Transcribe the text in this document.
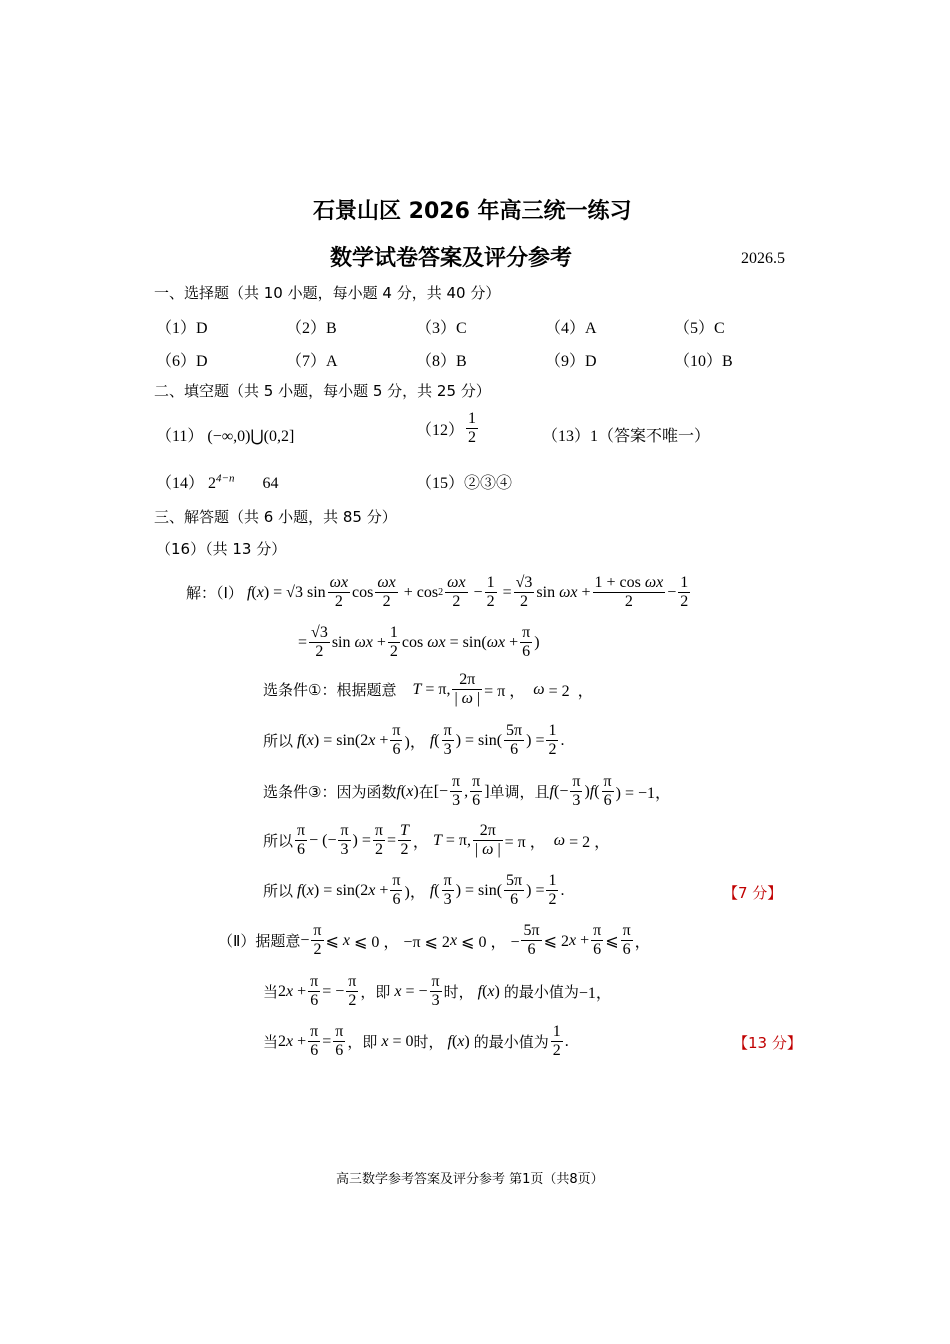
石景山区 2026 年高三统一练习
数学试卷答案及评分参考	2026.5
一、选择题（共 10 小题，每小题 4 分，共 40 分）
（1）D	（2）B	（3）C	（4）A	（5）C
（6）D	（7）A	（8）B	（9）D	（10）B
二、填空题（共 5 小题，每小题 5 分，共 25 分）
（11） (−∞,0)⋃(0,2]	$(12) \frac{1}{2}$	（13）1（答案不唯一）
（14） $2^{4-n}$ 64	（15）②③④
三、解答题（共 6 小题，共 85 分）
（16）（共 13 分）
解：（Ⅰ）
f ( x ) = √3 $\sin \frac{\omega x}{2}$ $\cos \frac{\omega x}{2} + \cos 2 \frac{\omega x}{2} - \frac{1}{2} = \frac{√3}{2}$ $\sin \omega x + \frac{\text{1 + cos ωx}}{2} - \frac{1}{2}$
= $\frac{√3}{2}$ $\sin \omega x + \frac{1}{2}$ cos ωx = sin( $\omega x + \frac{\pi}{6}$ )
选条件①：根据题意
T = π, $\frac{2\pi}{| \omega |} = \pi$ ， ω = 2  ，
所以
f ( x ) = sin(2 $x + \frac{\pi}{6}$ )， f ( $\frac{\pi}{3}$ ) = $\sin( \frac{5\pi}{6}$ ) = $\frac{1}{2}$ .
选条件③：因为函数 f ( x ) 在 [− $\frac{\pi}{3}$ , $\frac{\pi}{6}$ ] 单调，且 f (− $\frac{\pi}{3}$ ) f ( $\frac{\pi}{6}$ ) = −1，
所以 $\frac{\pi}{6}$ − (− $\frac{\pi}{3}$ ) = $\frac{\pi}{2} = \frac{T}{2}$ ， T = π, $\frac{2\pi}{| \omega |} = \pi$ ， ω = 2 ，
所以
f ( x ) = sin(2 $x + \frac{\pi}{6}$ )， f ( $\frac{\pi}{3}$ ) = $\sin( \frac{5\pi}{6}$ ) = $\frac{1}{2}$ .	【7 分】
（Ⅱ）据题意 − $\frac{\pi}{2}$ ⩽ x ⩽ 0 ， −π ⩽ 2 x ⩽ 0 ， − $\frac{5\pi}{6}$ ⩽ 2 $x + \frac{\pi}{6}$ ⩽ $\frac{\pi}{6}$ ，
当 2 $x + \frac{\pi}{6}$ = − $\frac{\pi}{2}$ ，即
x = − $\frac{\pi}{3}$ 时，
f ( x ) 的最小值为 −1，
当 2 $x + \frac{\pi}{6} = \frac{\pi}{6}$ ，即
x = 0 时，
f ( x ) 的最小值为 $\frac{1}{2}$ .	【13 分】
高三数学参考答案及评分参考 第1页（共8页）
